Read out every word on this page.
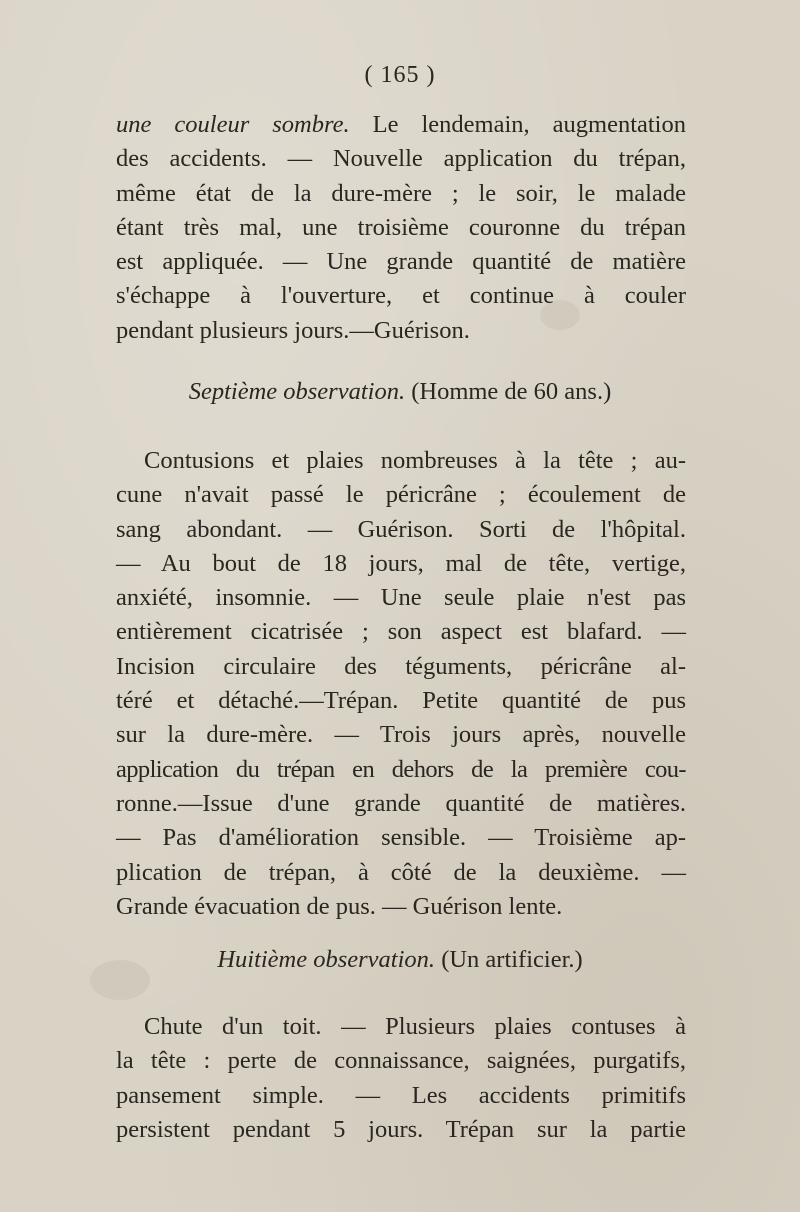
( 165 )
une couleur sombre. Le lendemain, augmentation
des accidents. — Nouvelle application du trépan,
même état de la dure-mère ; le soir, le malade
étant très mal, une troisième couronne du trépan
est appliquée. — Une grande quantité de matière
s'échappe à l'ouverture, et continue à couler
pendant plusieurs jours.—Guérison.
Septième observation. (Homme de 60 ans.)
Contusions et plaies nombreuses à la tête ; au-
cune n'avait passé le péricrâne ; écoulement de
sang abondant. — Guérison. Sorti de l'hôpital.
— Au bout de 18 jours, mal de tête, vertige,
anxiété, insomnie. — Une seule plaie n'est pas
entièrement cicatrisée ; son aspect est blafard. —
Incision circulaire des téguments, péricrâne al-
téré et détaché.—Trépan. Petite quantité de pus
sur la dure-mère. — Trois jours après, nouvelle
application du trépan en dehors de la première cou-
ronne.—Issue d'une grande quantité de matières.
— Pas d'amélioration sensible. — Troisième ap-
plication de trépan, à côté de la deuxième. —
Grande évacuation de pus. — Guérison lente.
Huitième observation. (Un artificier.)
Chute d'un toit. — Plusieurs plaies contuses à
la tête : perte de connaissance, saignées, purgatifs,
pansement simple. — Les accidents primitifs
persistent pendant 5 jours. Trépan sur la partie
